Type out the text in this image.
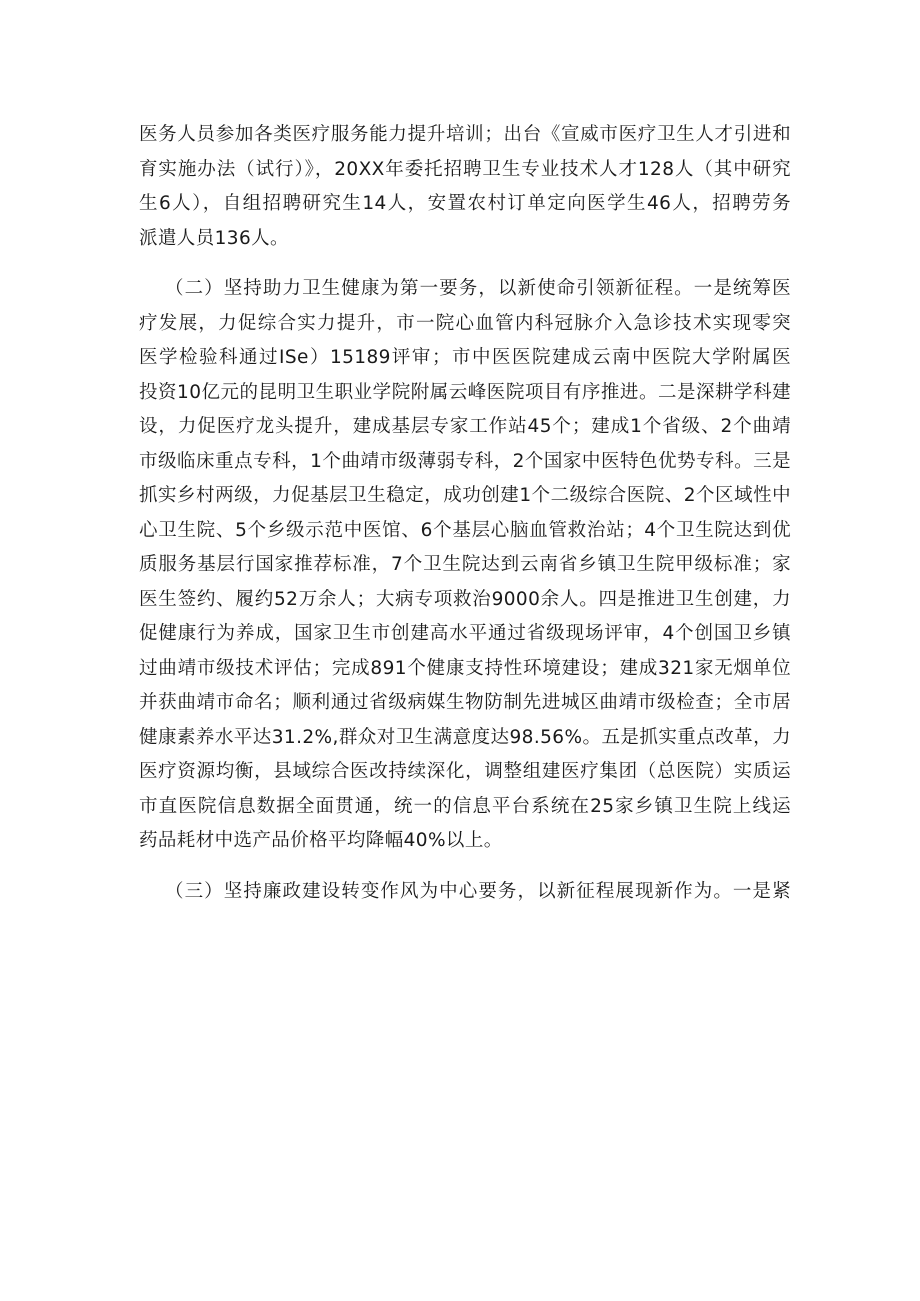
医务人员参加各类医疗服务能力提升培训；出台《宣威市医疗卫生人才引进和
育实施办法（试行）》，20XX年委托招聘卫生专业技术人才128人（其中研究
生6人），自组招聘研究生14人，安置农村订单定向医学生46人，招聘劳务
派遣人员136人。
（二）坚持助力卫生健康为第一要务，以新使命引领新征程。一是统筹医
疗发展，力促综合实力提升，市一院心血管内科冠脉介入急诊技术实现零突
医学检验科通过ISe）15189评审；市中医医院建成云南中医院大学附属医
投资10亿元的昆明卫生职业学院附属云峰医院项目有序推进。二是深耕学科建
设，力促医疗龙头提升，建成基层专家工作站45个；建成1个省级、2个曲靖
市级临床重点专科，1个曲靖市级薄弱专科，2个国家中医特色优势专科。三是
抓实乡村两级，力促基层卫生稳定，成功创建1个二级综合医院、2个区域性中
心卫生院、5个乡级示范中医馆、6个基层心脑血管救治站；4个卫生院达到优
质服务基层行国家推荐标准，7个卫生院达到云南省乡镇卫生院甲级标准；家
医生签约、履约52万余人；大病专项救治9000余人。四是推进卫生创建，力
促健康行为养成，国家卫生市创建高水平通过省级现场评审，4个创国卫乡镇
过曲靖市级技术评估；完成891个健康支持性环境建设；建成321家无烟单位
并获曲靖市命名；顺利通过省级病媒生物防制先进城区曲靖市级检查；全市居
健康素养水平达31.2%,群众对卫生满意度达98.56%。五是抓实重点改革，力
医疗资源均衡，县域综合医改持续深化，调整组建医疗集团（总医院）实质运
市直医院信息数据全面贯通，统一的信息平台系统在25家乡镇卫生院上线运
药品耗材中选产品价格平均降幅40%以上。
（三）坚持廉政建设转变作风为中心要务，以新征程展现新作为。一是紧
